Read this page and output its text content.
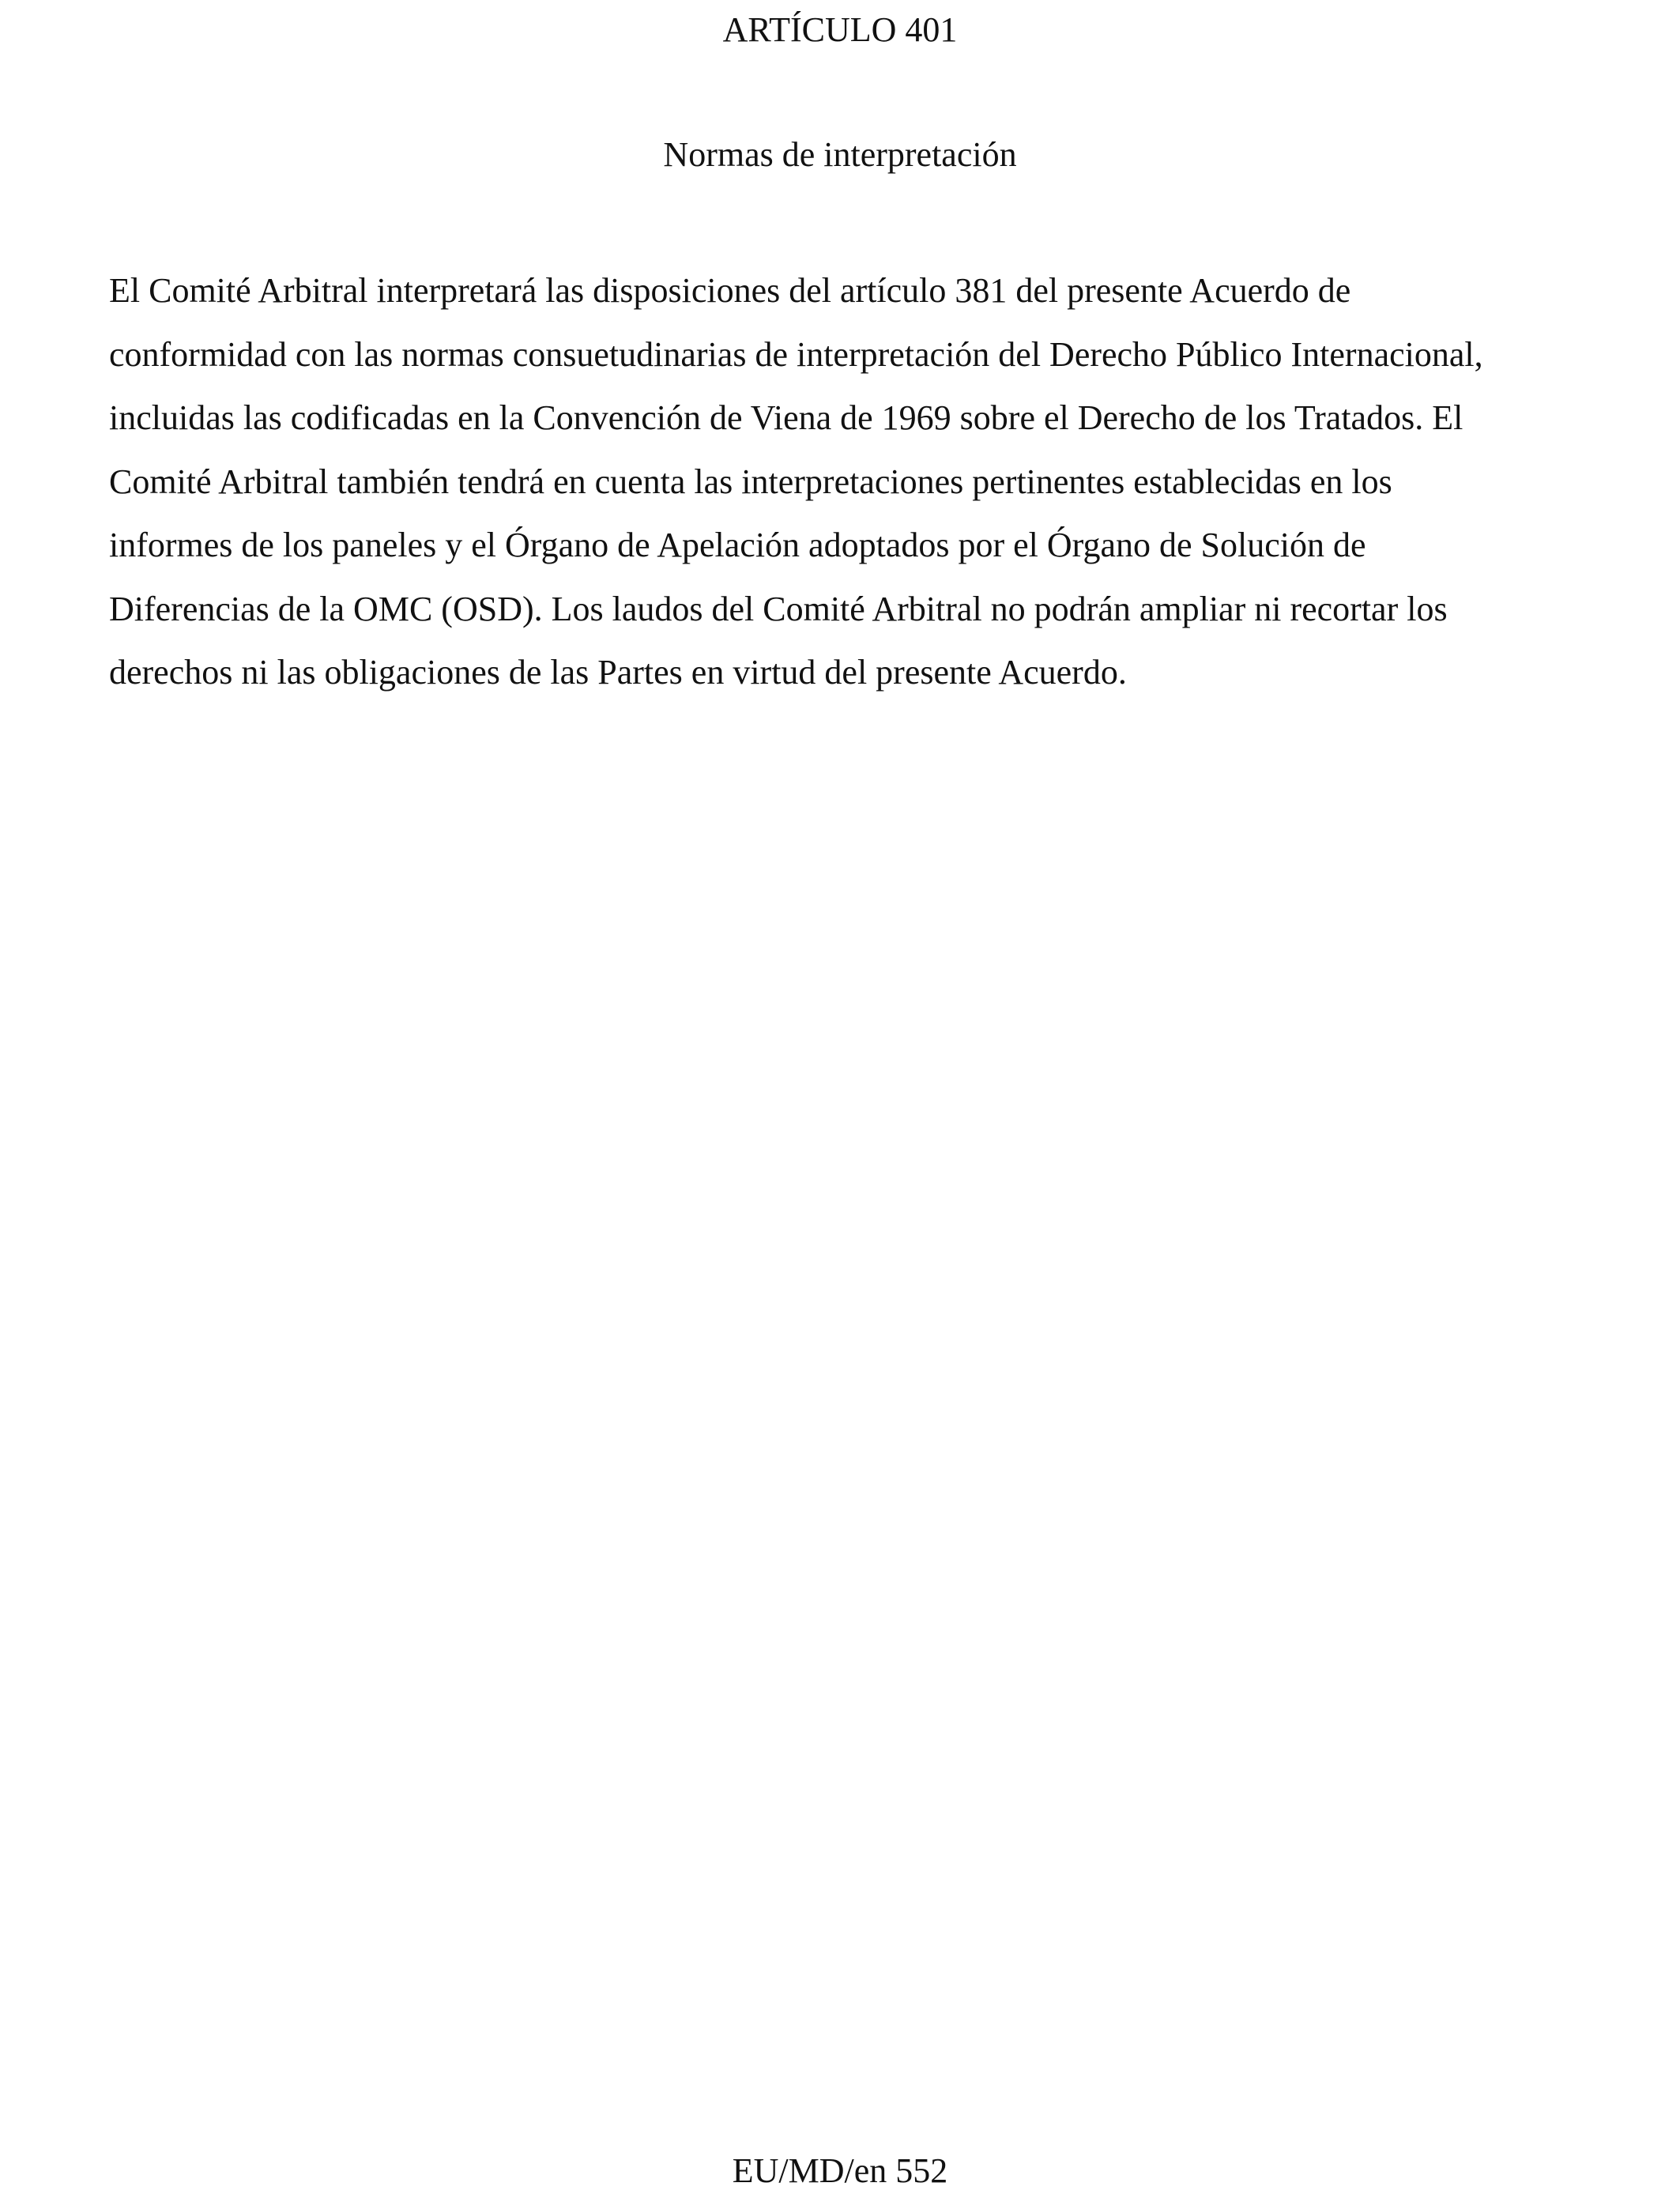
ARTÍCULO 401
Normas de interpretación
El Comité Arbitral interpretará las disposiciones del artículo 381 del presente Acuerdo de
conformidad con las normas consuetudinarias de interpretación del Derecho Público Internacional,
incluidas las codificadas en la Convención de Viena de 1969 sobre el Derecho de los Tratados. El
Comité Arbitral también tendrá en cuenta las interpretaciones pertinentes establecidas en los
informes de los paneles y el Órgano de Apelación adoptados por el Órgano de Solución de
Diferencias de la OMC (OSD). Los laudos del Comité Arbitral no podrán ampliar ni recortar los
derechos ni las obligaciones de las Partes en virtud del presente Acuerdo.
EU/MD/en 552
